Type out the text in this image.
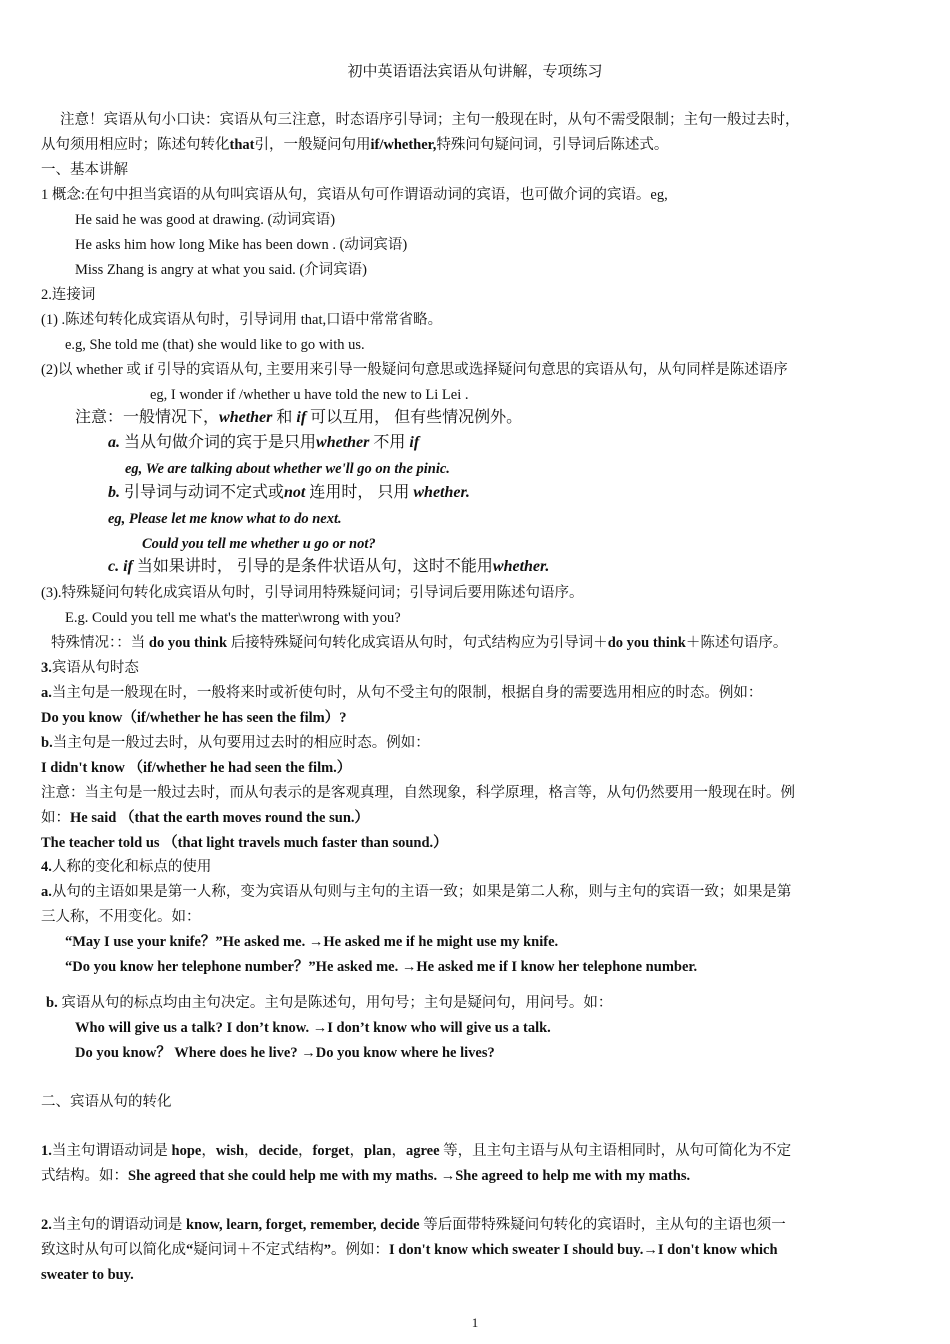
初中英语语法宾语从句讲解，专项练习
注意！宾语从句小口诀：宾语从句三注意，时态语序引导词；主句一般现在时，从句不需受限制；主句一般过去时，
从句须用相应时；陈述句转化that引，一般疑问句用if/whether,特殊问句疑问词，引导词后陈述式。
一、基本讲解
1 概念:在句中担当宾语的从句叫宾语从句，宾语从句可作谓语动词的宾语，也可做介词的宾语。eg,
He said he was good at drawing. (动词宾语)
He asks him how long Mike has been down . (动词宾语)
Miss Zhang is angry at what you said. (介词宾语)
2.连接词
(1) .陈述句转化成宾语从句时，引导词用 that,口语中常常省略。
e.g, She told me (that) she would like to go with us.
(2)以 whether 或 if 引导的宾语从句, 主要用来引导一般疑问句意思或选择疑问句意思的宾语从句，从句同样是陈述语序
eg, I wonder if /whether u have told the new to Li Lei .
注意：一般情况下，whether 和 if 可以互用， 但有些情况例外。
a. 当从句做介词的宾于是只用whether 不用 if
eg, We are talking about whether we'll go on the pinic.
b. 引导词与动词不定式或not 连用时， 只用 whether.
eg, Please let me know what to do next.
Could you tell me whether u go or not?
c. if 当如果讲时， 引导的是条件状语从句，这时不能用whether.
(3).特殊疑问句转化成宾语从句时，引导词用特殊疑问词；引导词后要用陈述句语序。
E.g. Could you tell me what's the matter\wrong with you?
特殊情况：：当 do you think 后接特殊疑问句转化成宾语从句时，句式结构应为引导词＋do you think＋陈述句语序。
3.宾语从句时态
a.当主句是一般现在时，一般将来时或祈使句时，从句不受主句的限制，根据自身的需要选用相应的时态。例如：
Do you know（if/whether he has seen the film）?
b.当主句是一般过去时，从句要用过去时的相应时态。例如：
I didn't know （if/whether he had seen the film.）
注意：当主句是一般过去时，而从句表示的是客观真理，自然现象，科学原理，格言等，从句仍然要用一般现在时。例
如：He said （that the earth moves round the sun.）
The teacher told us （that light travels much faster than sound.）
4.人称的变化和标点的使用
a.从句的主语如果是第一人称，变为宾语从句则与主句的主语一致；如果是第二人称，则与主句的宾语一致；如果是第
三人称，不用变化。如：
“May I use your knife？”He asked me. →He asked me if he might use my knife.
“Do you know her telephone number？”He asked me. →He asked me if I know her telephone number.
b. 宾语从句的标点均由主句决定。主句是陈述句，用句号；主句是疑问句，用问号。如：
Who will give us a talk? I don’t know. →I don’t know who will give us a talk.
Do you know？ Where does he live? →Do you know where he lives?
二、宾语从句的转化
1.当主句谓语动词是 hope，wish，decide，forget，plan，agree 等，且主句主语与从句主语相同时，从句可简化为不定
式结构。如：She agreed that she could help me with my maths. →She agreed to help me with my maths.
2.当主句的谓语动词是 know, learn, forget, remember, decide 等后面带特殊疑问句转化的宾语时，主从句的主语也须一
致这时从句可以简化成“疑问词＋不定式结构”。例如：I don't know which sweater I should buy.→I don't know which
sweater to buy.
1
